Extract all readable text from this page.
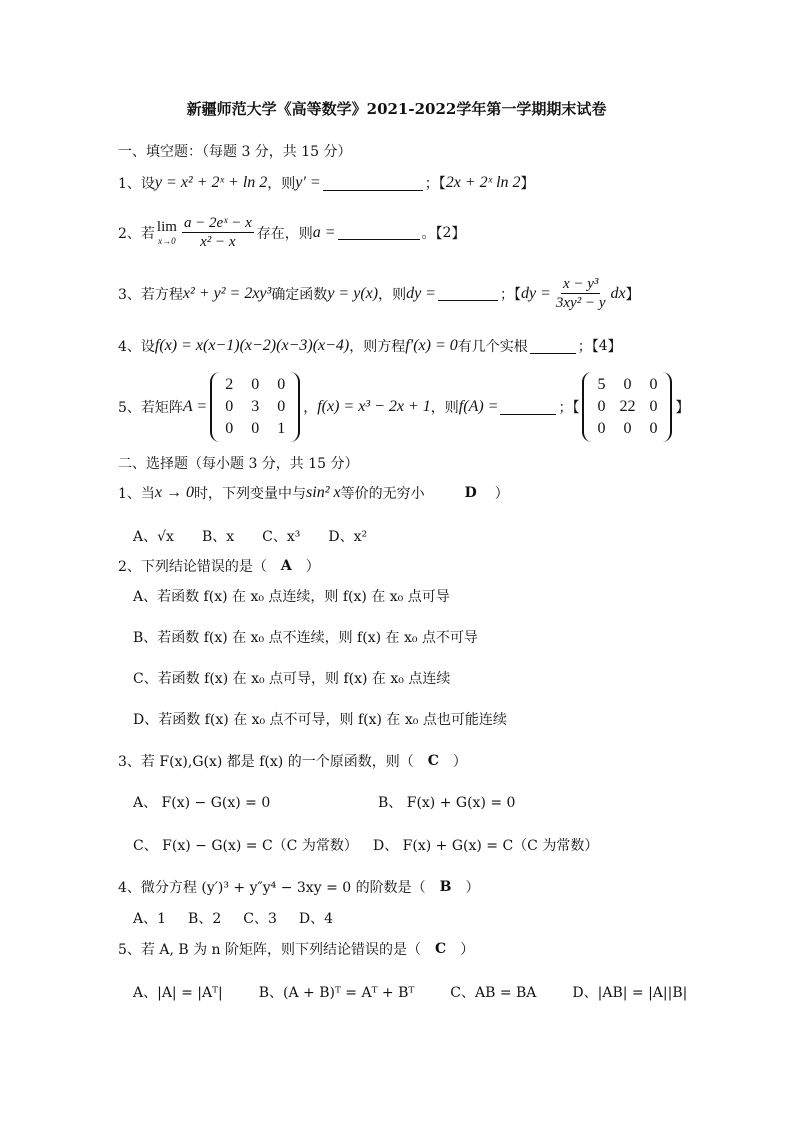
新疆师范大学《高等数学》2021-2022学年第一学期期末试卷
一、填空题：（每题 3 分，共 15 分）
1、设 y = x² + 2ˣ + ln 2 ，则 y′ =	；【 2x + 2ˣ ln 2 】
2、若 lim
$x\to 0 \frac{\text{a − 2eˣ − x}}{\text{x² − x}}$ 存在，则 a =	。【 2 】
3、若方程 x² + y² = 2xy³ 确定函数 y = y(x) ，则 dy =	；【 dy = $\frac{\text{x − y³}}{\text{3xy² − y}}$ dx 】
4、设 f(x) = x(x−1)(x−2)(x−3)(x−4) ，则方程 f′(x) = 0 有几个实根	；【 4 】
5、若矩阵 A =
2	0	0
0	3	0
0	0	1
， f(x) = x³ − 2x + 1 ，则 f(A) =	；【
5	0	0
0 22 0
0	0	0
】
二、选择题（每小题 3 分，共 15 分）
1、当 x → 0 时，下列变量中与 sin² x 等价的无穷小	D ）
A、√x B、x C、x³ D、x²
2、下列结论错误的是（ A ）
A、若函数 f(x) 在 x₀ 点连续，则 f(x) 在 x₀ 点可导
B、若函数 f(x) 在 x₀ 点不连续，则 f(x) 在 x₀ 点不可导
C、若函数 f(x) 在 x₀ 点可导，则 f(x) 在 x₀ 点连续
D、若函数 f(x) 在 x₀ 点不可导，则 f(x) 在 x₀ 点也可能连续
3、若 F(x),G(x) 都是 f(x) 的一个原函数，则（ C ）
A、 F(x) − G(x) = 0	B、 F(x) + G(x) = 0
C、 F(x) − G(x) = C（C 为常数） D、 F(x) + G(x) = C（C 为常数）
4、微分方程 (y′)³ + y″y⁴ − 3xy = 0 的阶数是（ B ）
A、1 B、2 C、3 D、4
5、若 A, B 为 n 阶矩阵，则下列结论错误的是（ C ）
A、|A| = |Aᵀ|	B、(A + B)ᵀ = Aᵀ + Bᵀ	C、AB = BA	D、|AB| = |A||B|
